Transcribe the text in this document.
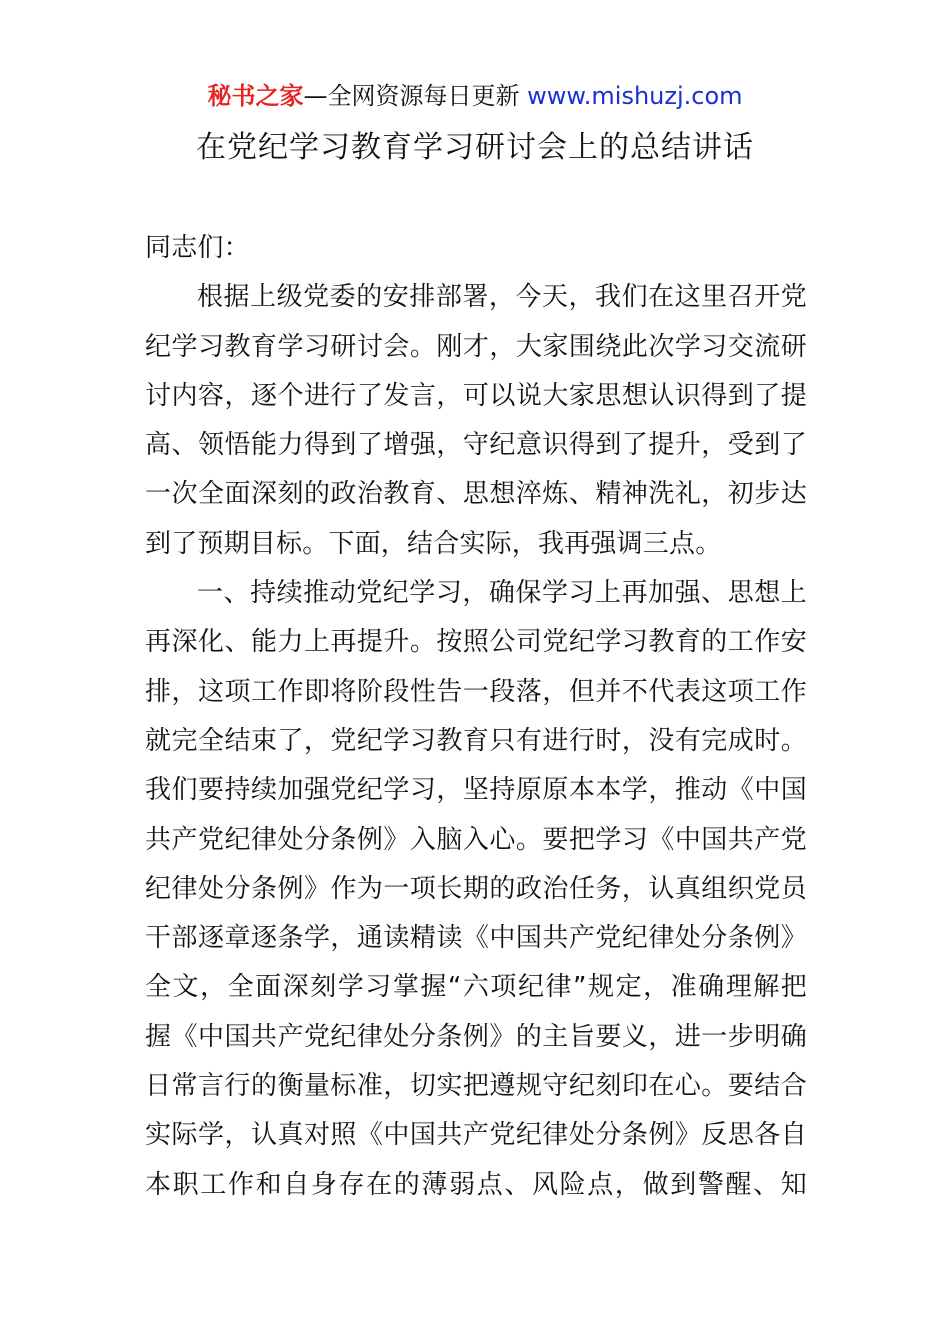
秘书之家—全网资源每日更新 www.mishuzj.com
在党纪学习教育学习研讨会上的总结讲话
同志们：
根据上级党委的安排部署，今天，我们在这里召开党
纪学习教育学习研讨会。刚才，大家围绕此次学习交流研
讨内容，逐个进行了发言，可以说大家思想认识得到了提
高、领悟能力得到了增强，守纪意识得到了提升，受到了
一次全面深刻的政治教育、思想淬炼、精神洗礼，初步达
到了预期目标。下面，结合实际，我再强调三点。
一、持续推动党纪学习，确保学习上再加强、思想上
再深化、能力上再提升。按照公司党纪学习教育的工作安
排，这项工作即将阶段性告一段落，但并不代表这项工作
就完全结束了，党纪学习教育只有进行时，没有完成时。
我们要持续加强党纪学习，坚持原原本本学，推动《中国
共产党纪律处分条例》入脑入心。要把学习《中国共产党
纪律处分条例》作为一项长期的政治任务，认真组织党员
干部逐章逐条学，通读精读《中国共产党纪律处分条例》
全文，全面深刻学习掌握“六项纪律”规定，准确理解把
握《中国共产党纪律处分条例》的主旨要义，进一步明确
日常言行的衡量标准，切实把遵规守纪刻印在心。要结合
实际学，认真对照《中国共产党纪律处分条例》反思各自
本职工作和自身存在的薄弱点、风险点，做到警醒、知
